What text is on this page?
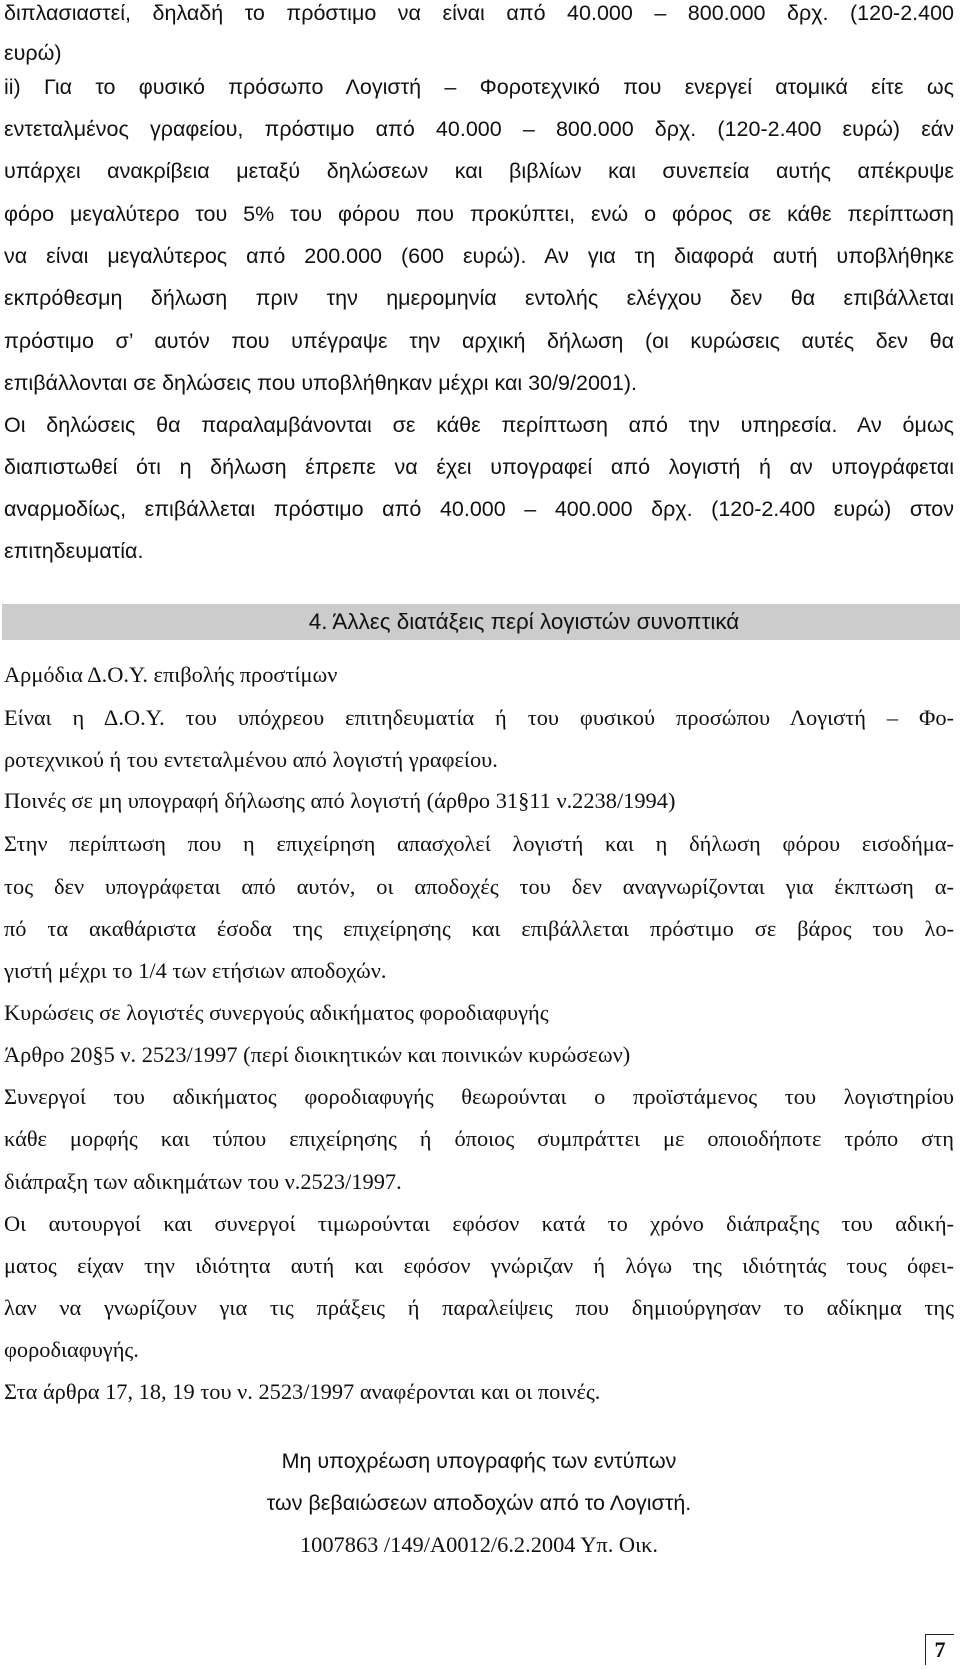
διπλασιαστεί, δηλαδή το πρόστιμο να είναι από 40.000 – 800.000 δρχ. (120-2.400
ευρώ)
ii) Για το φυσικό πρόσωπο Λογιστή – Φοροτεχνικό που ενεργεί ατομικά είτε ως
εντεταλμένος γραφείου, πρόστιμο από 40.000 – 800.000 δρχ. (120-2.400 ευρώ) εάν
υπάρχει ανακρίβεια μεταξύ δηλώσεων και βιβλίων και συνεπεία αυτής απέκρυψε
φόρο μεγαλύτερο του 5% του φόρου που προκύπτει, ενώ ο φόρος σε κάθε περίπτωση
να είναι μεγαλύτερος από 200.000 (600 ευρώ). Αν για τη διαφορά αυτή υποβλήθηκε
εκπρόθεσμη δήλωση πριν την ημερομηνία εντολής ελέγχου δεν θα επιβάλλεται
πρόστιμο σ’ αυτόν που υπέγραψε την αρχική δήλωση (οι κυρώσεις αυτές δεν θα
επιβάλλονται σε δηλώσεις που υποβλήθηκαν μέχρι και 30/9/2001).
Οι δηλώσεις θα παραλαμβάνονται σε κάθε περίπτωση από την υπηρεσία. Αν όμως
διαπιστωθεί ότι η δήλωση έπρεπε να έχει υπογραφεί από λογιστή ή αν υπογράφεται
αναρμοδίως, επιβάλλεται πρόστιμο από 40.000 – 400.000 δρχ. (120-2.400 ευρώ) στον
επιτηδευματία.
4. Άλλες διατάξεις περί λογιστών συνοπτικά
Αρμόδια Δ.Ο.Υ. επιβολής προστίμων
Είναι η Δ.Ο.Υ. του υπόχρεου επιτηδευματία ή του φυσικού προσώπου Λογιστή – Φο-
ροτεχνικού ή του εντεταλμένου από λογιστή γραφείου.
Ποινές σε μη υπογραφή δήλωσης από λογιστή (άρθρο 31§11 ν.2238/1994)
Στην περίπτωση που η επιχείρηση απασχολεί λογιστή και η δήλωση φόρου εισοδήμα-
τος δεν υπογράφεται από αυτόν, οι αποδοχές του δεν αναγνωρίζονται για έκπτωση α-
πό τα ακαθάριστα έσοδα της επιχείρησης και επιβάλλεται πρόστιμο σε βάρος του λο-
γιστή μέχρι το 1/4 των ετήσιων αποδοχών.
Κυρώσεις σε λογιστές συνεργούς αδικήματος φοροδιαφυγής
Άρθρο 20§5 ν. 2523/1997 (περί διοικητικών και ποινικών κυρώσεων)
Συνεργοί του αδικήματος φοροδιαφυγής θεωρούνται ο προϊστάμενος του λογιστηρίου
κάθε μορφής και τύπου επιχείρησης ή όποιος συμπράττει με οποιοδήποτε τρόπο στη
διάπραξη των αδικημάτων του ν.2523/1997.
Οι αυτουργοί και συνεργοί τιμωρούνται εφόσον κατά το χρόνο διάπραξης του αδική-
ματος είχαν την ιδιότητα αυτή και εφόσον γνώριζαν ή λόγω της ιδιότητάς τους όφει-
λαν να γνωρίζουν για τις πράξεις ή παραλείψεις που δημιούργησαν το αδίκημα της
φοροδιαφυγής.
Στα άρθρα 17, 18, 19 του ν. 2523/1997 αναφέρονται και οι ποινές.
Μη υποχρέωση υπογραφής των εντύπων
των βεβαιώσεων αποδοχών από το Λογιστή.
1007863 /149/Α0012/6.2.2004 Υπ. Οικ.
7
